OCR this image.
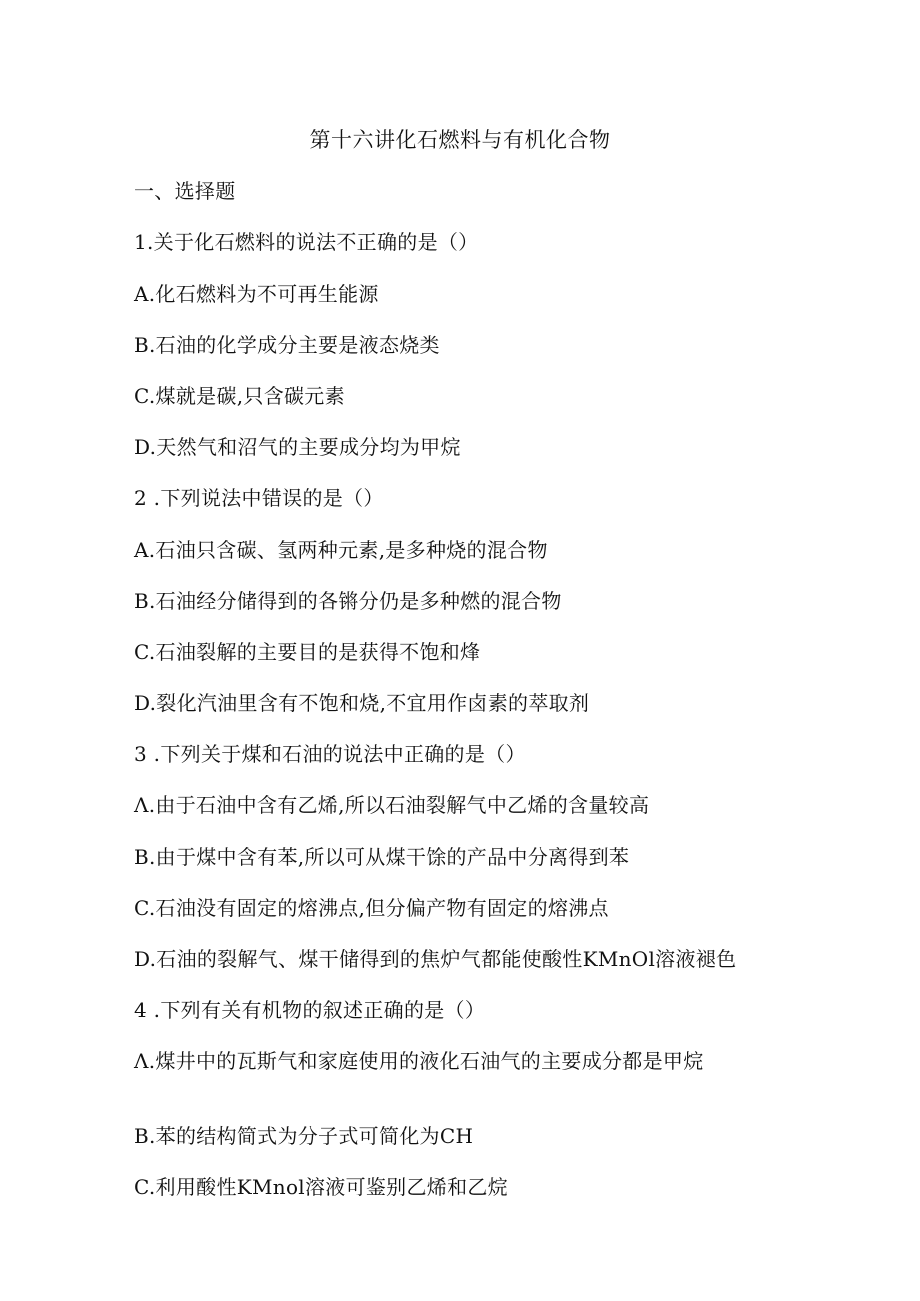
第十六讲化石燃料与有机化合物
一、选择题
1.关于化石燃料的说法不正确的是（）
A.化石燃料为不可再生能源
B.石油的化学成分主要是液态烧类
C.煤就是碳,只含碳元素
D.天然气和沼气的主要成分均为甲烷
2 .下列说法中错误的是（）
A.石油只含碳、氢两种元素,是多种烧的混合物
B.石油经分储得到的各锵分仍是多种燃的混合物
C.石油裂解的主要目的是获得不饱和烽
D.裂化汽油里含有不饱和烧,不宜用作卤素的萃取剂
3 .下列关于煤和石油的说法中正确的是（）
Λ.由于石油中含有乙烯,所以石油裂解气中乙烯的含量较高
B.由于煤中含有苯,所以可从煤干馀的产品中分离得到苯
C.石油没有固定的熔沸点,但分偏产物有固定的熔沸点
D.石油的裂解气、煤干储得到的焦炉气都能使酸性KMnOl溶液褪色
4 .下列有关有机物的叙述正确的是（）
Λ.煤井中的瓦斯气和家庭使用的液化石油气的主要成分都是甲烷
B.苯的结构简式为分子式可简化为CH
C.利用酸性KMnol溶液可鉴别乙烯和乙烷
